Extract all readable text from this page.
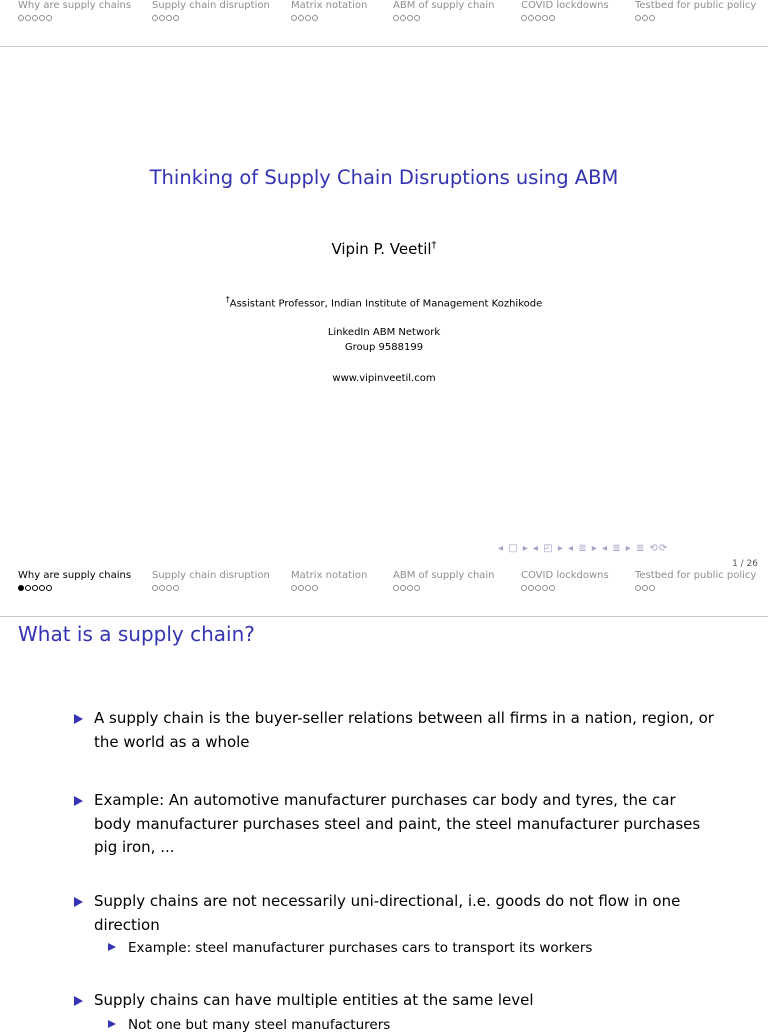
Why are supply chains Supply chain disruption Matrix notation	ABM of supply chain	COVID lockdowns	Testbed for public policy
Thinking of Supply Chain Disruptions using ABM
Vipin P. Veetil†
†Assistant Professor, Indian Institute of Management Kozhikode
LinkedIn ABM Network
Group 9588199
www.vipinveetil.com
◂ □ ▸ ◂ ◰ ▸ ◂ ≣ ▸ ◂ ≣ ▸ ≣ ⟲⟳
1 / 26
Why are supply chains Supply chain disruption Matrix notation	ABM of supply chain	COVID lockdowns	Testbed for public policy
What is a supply chain?
A supply chain is the buyer-seller relations between all firms in a nation, region, or the world as a whole
Example: An automotive manufacturer purchases car body and tyres, the car body manufacturer purchases steel and paint, the steel manufacturer purchases pig iron, ...
Supply chains are not necessarily uni-directional, i.e. goods do not flow in one direction
Example: steel manufacturer purchases cars to transport its workers
Supply chains can have multiple entities at the same level
Not one but many steel manufacturers
